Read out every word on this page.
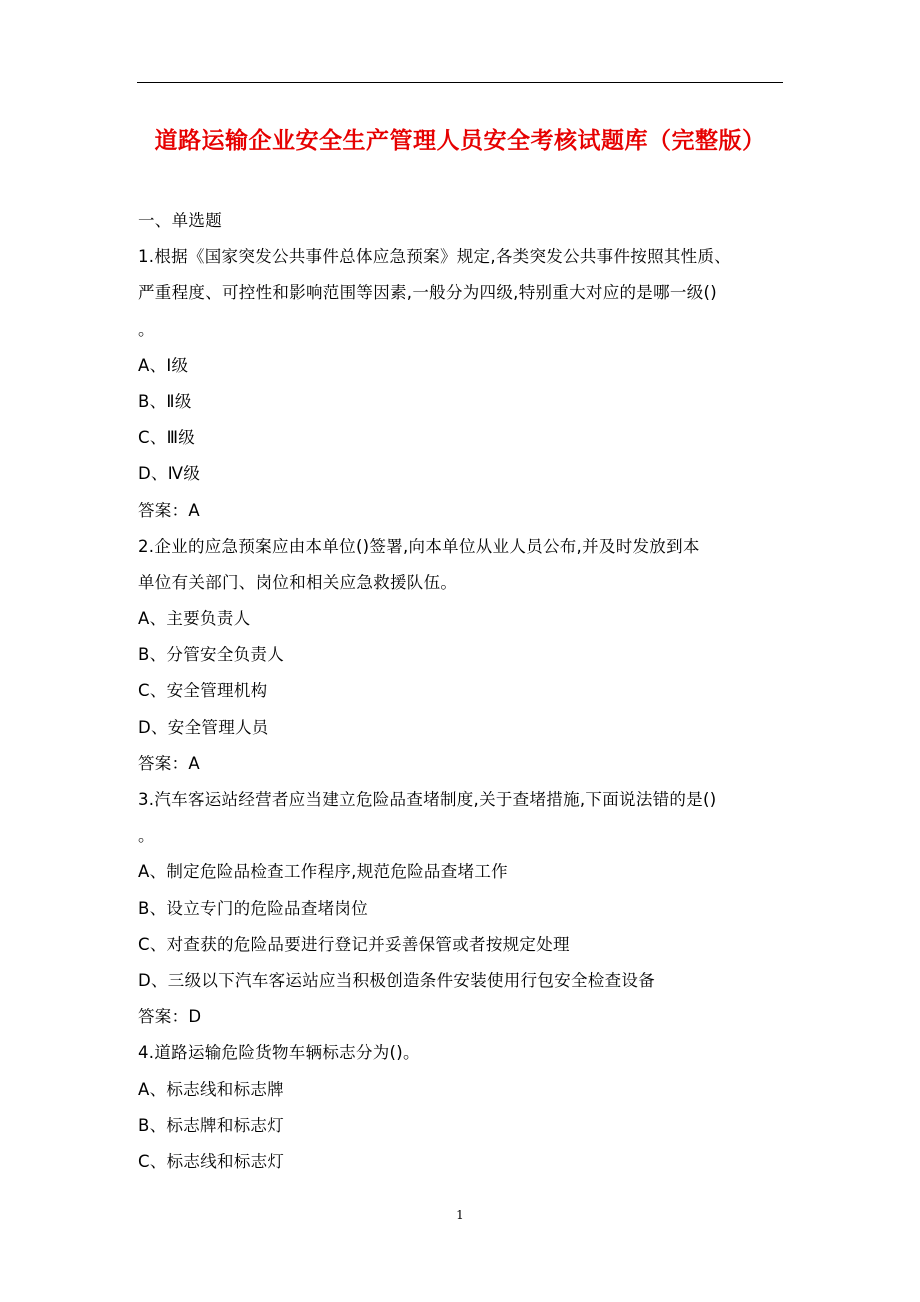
道路运输企业安全生产管理人员安全考核试题库（完整版）
一、单选题
1.根据《国家突发公共事件总体应急预案》规定,各类突发公共事件按照其性质、
严重程度、可控性和影响范围等因素,一般分为四级,特别重大对应的是哪一级()
。
A、Ⅰ级
B、Ⅱ级
C、Ⅲ级
D、Ⅳ级
答案：A
2.企业的应急预案应由本单位()签署,向本单位从业人员公布,并及时发放到本
单位有关部门、岗位和相关应急救援队伍。
A、主要负责人
B、分管安全负责人
C、安全管理机构
D、安全管理人员
答案：A
3.汽车客运站经营者应当建立危险品查堵制度,关于查堵措施,下面说法错的是()
。
A、制定危险品检查工作程序,规范危险品查堵工作
B、设立专门的危险品查堵岗位
C、对查获的危险品要进行登记并妥善保管或者按规定处理
D、三级以下汽车客运站应当积极创造条件安装使用行包安全检查设备
答案：D
4.道路运输危险货物车辆标志分为()。
A、标志线和标志牌
B、标志牌和标志灯
C、标志线和标志灯
1
